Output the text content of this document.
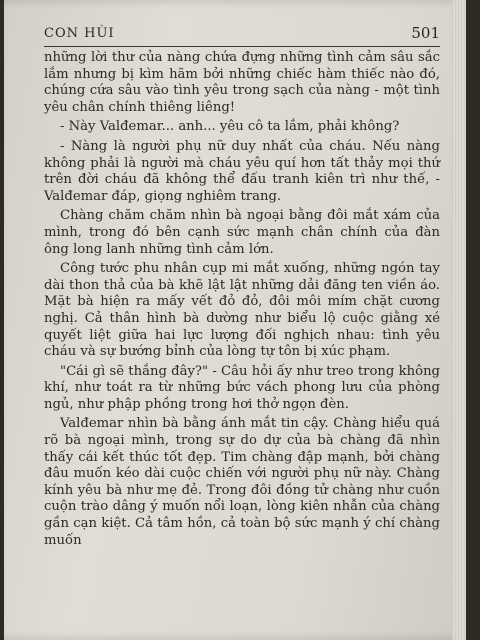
CON HÙI	501

những lời thư của nàng chứa đựng những tình cảm sâu sắc lắm nhưng bị kìm hãm bởi những chiếc hàm thiếc nào đó, chúng cứa sâu vào tình yêu trong sạch của nàng - một tình yêu chân chính thiêng liêng!

- Này Valđemar... anh... yêu cô ta lắm, phải không?

- Nàng là người phụ nữ duy nhất của cháu. Nếu nàng không phải là người mà cháu yêu quí hơn tất thảy mọi thứ trên đời cháu đã không thể đấu tranh kiên trì như thế, - Valđemar đáp, giọng nghiêm trang.

Chàng chăm chăm nhìn bà ngoại bằng đôi mắt xám của mình, trong đó bên cạnh sức mạnh chân chính của đàn ông long lanh những tình cảm lớn.

Công tước phu nhân cụp mi mắt xuống, những ngón tay dài thon thả của bà khẽ lật lật những dải đăng ten viền áo. Mặt bà hiện ra mấy vết đỏ đỏ, đôi môi mím chặt cương nghị. Cả thân hình bà dường như biểu lộ cuộc giằng xé quyết liệt giữa hai lực lượng đối nghịch nhau: tình yêu cháu và sự bướng bỉnh của lòng tự tôn bị xúc phạm.

"Cái gì sẽ thắng đây?" - Câu hỏi ấy như treo trong không khí, như toát ra từ những bức vách phong lưu của phòng ngủ, như phập phồng trong hơi thở ngọn đèn.

Valđemar nhìn bà bằng ánh mắt tin cậy. Chàng hiểu quá rõ bà ngoại mình, trong sự do dự của bà chàng đã nhìn thấy cái kết thúc tốt đẹp. Tim chàng đập mạnh, bởi chàng đâu muốn kéo dài cuộc chiến với người phụ nữ này. Chàng kính yêu bà như mẹ đẻ. Trong đôi đồng tử chàng như cuồn cuộn trào dâng ý muốn nổi loạn, lòng kiên nhẫn của chàng gần cạn kiệt. Cả tâm hồn, cả toàn bộ sức mạnh ý chí chàng muốn
